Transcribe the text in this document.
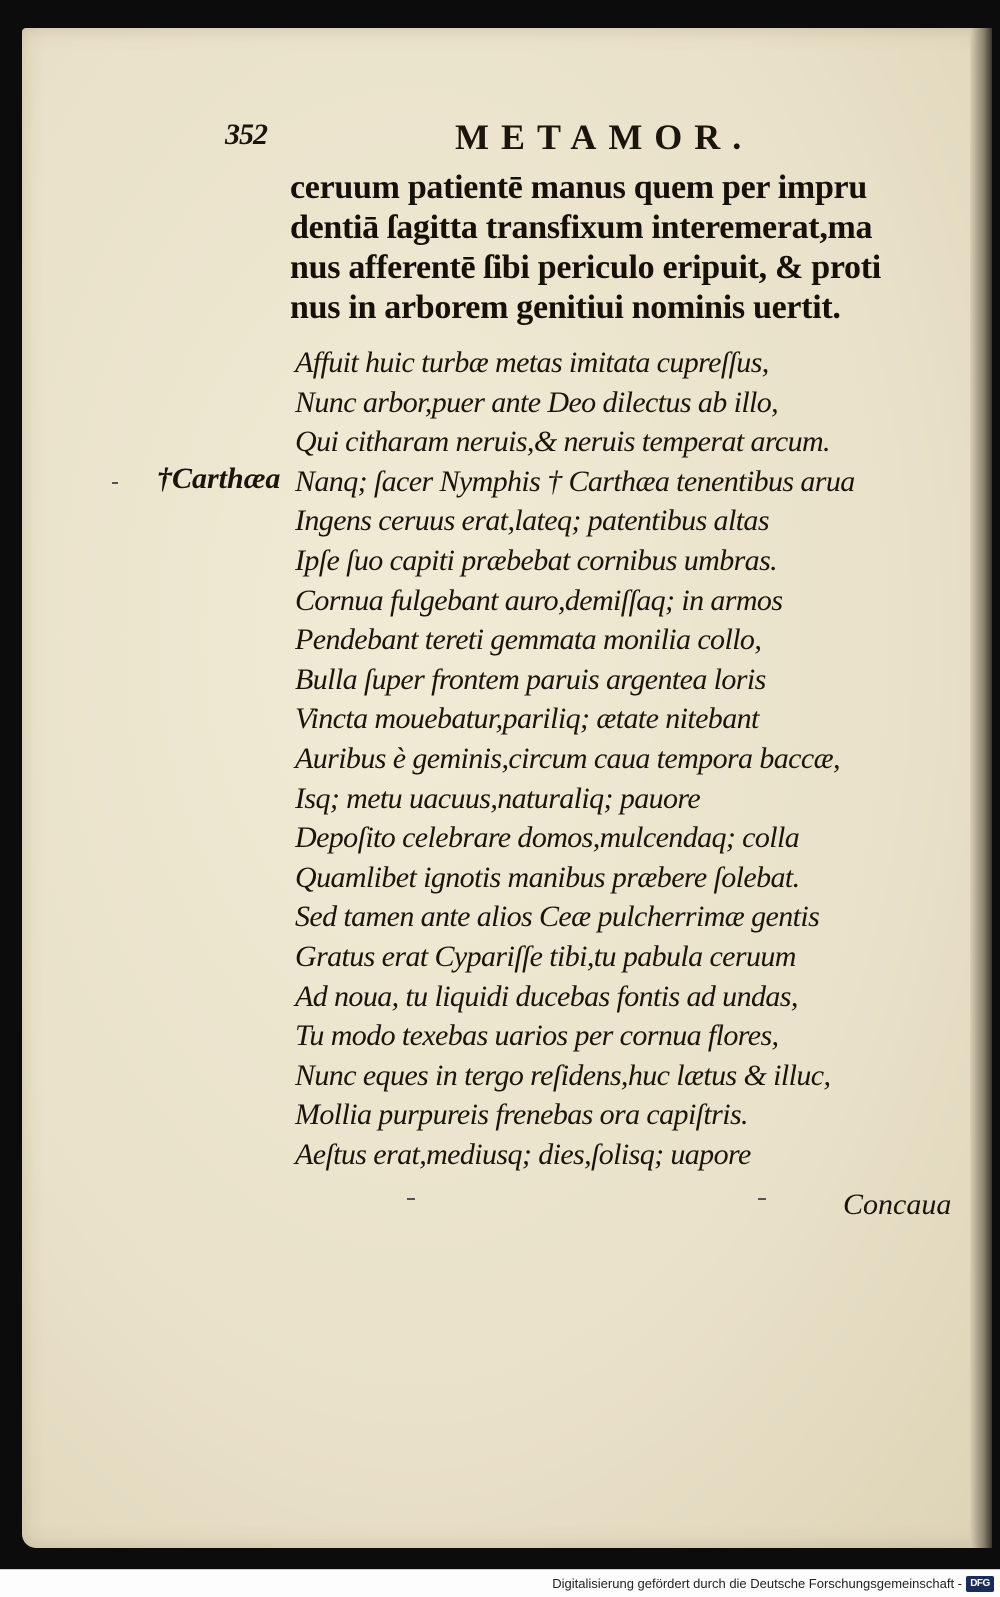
352	METAMOR.
ceruum patientē manus quem per impru
dentiā ſagitta transfixum interemerat,ma
nus afferentē ſibi periculo eripuit, & proti
nus in arborem genitiui nominis uertit.
Affuit huic turbæ metas imitata cupreſſus,
Nunc arbor,puer ante Deo dilectus ab illo,
Qui citharam neruis,& neruis temperat arcum.
Nanq; ſacer Nymphis † Carthæa tenentibus arua
Ingens ceruus erat,lateq; patentibus altas
Ipſe ſuo capiti præbebat cornibus umbras.
Cornua fulgebant auro,demiſſaq; in armos
Pendebant tereti gemmata monilia collo,
Bulla ſuper frontem paruis argentea loris
Vincta mouebatur,pariliq; ætate nitebant
Auribus è geminis,circum caua tempora baccæ,
Isq; metu uacuus,naturaliq; pauore
Depoſito celebrare domos,mulcendaq; colla
Quamlibet ignotis manibus præbere ſolebat.
Sed tamen ante alios Ceæ pulcherrimæ gentis
Gratus erat Cypariſſe tibi,tu pabula ceruum
Ad noua, tu liquidi ducebas fontis ad undas,
Tu modo texebas uarios per cornua flores,
Nunc eques in tergo reſidens,huc lætus & illuc,
Mollia purpureis frenebas ora capiſtris.
Aeſtus erat,mediusq; dies,ſolisq; uapore
†Carthæa
Concaua
Digitalisierung gefördert durch die Deutsche Forschungsgemeinschaft - DFG
